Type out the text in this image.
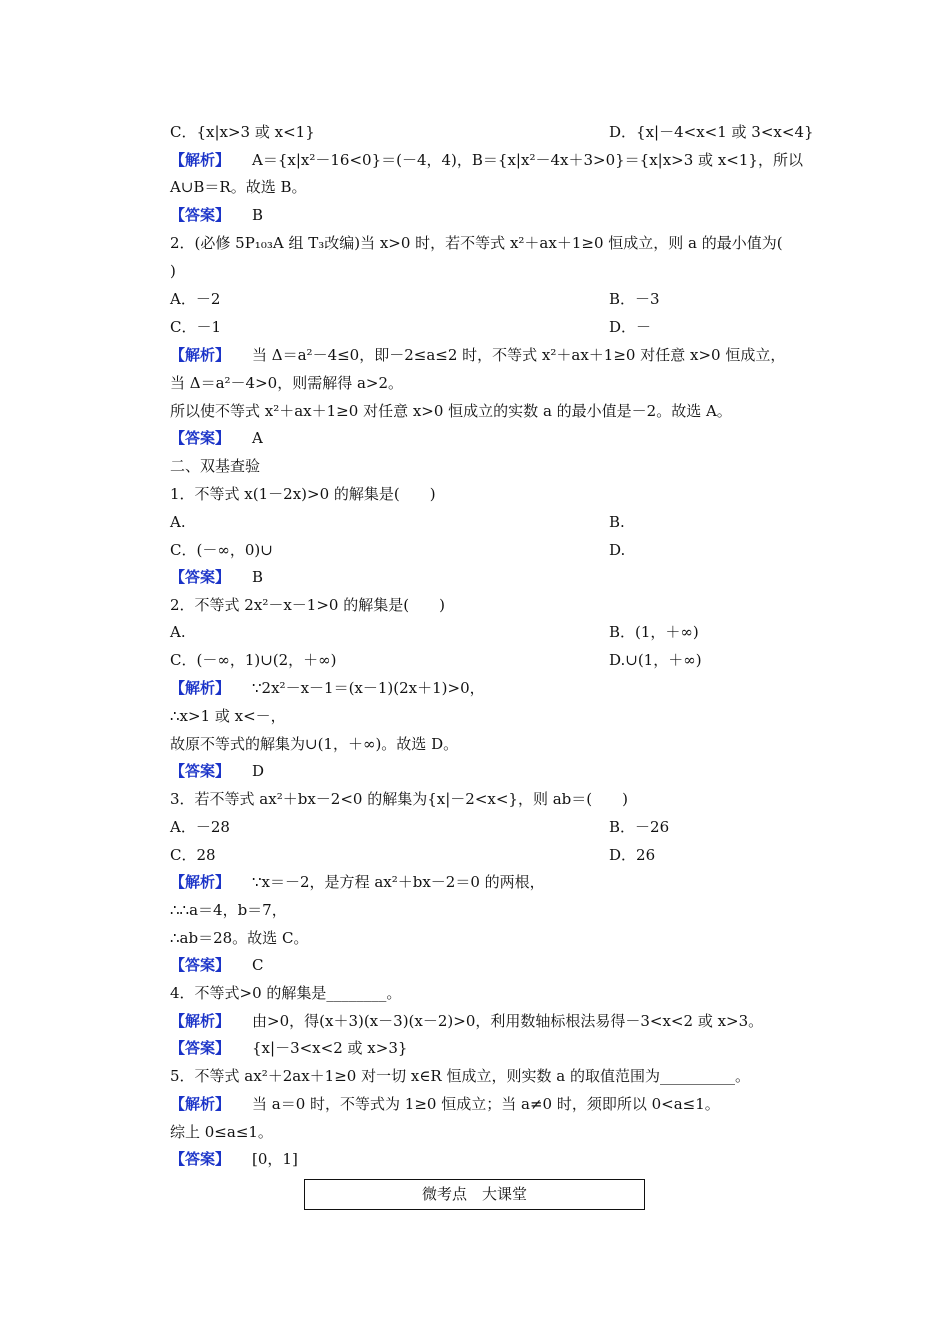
C．{x|x>3 或 x<1}	D．{x|－4<x<1 或 3<x<4}
【解析】 A＝{x|x²－16<0}＝(－4，4)，B＝{x|x²－4x＋3>0}＝{x|x>3 或 x<1}，所以
A∪B＝R。故选 B。
【答案】 B
2．(必修 5P₁₀₃A 组 T₃改编)当 x>0 时，若不等式 x²＋ax＋1≥0 恒成立，则 a 的最小值为(
)
A．－2	B．－3
C．－1	D．－
【解析】 当 Δ＝a²－4≤0，即－2≤a≤2 时，不等式 x²＋ax＋1≥0 对任意 x>0 恒成立，
当 Δ＝a²－4>0，则需解得 a>2。
所以使不等式 x²＋ax＋1≥0 对任意 x>0 恒成立的实数 a 的最小值是－2。故选 A。
【答案】 A
二、双基查验
1．不等式 x(1－2x)>0 的解集是(　　)
A.	B.
C．(－∞，0)∪	D.
【答案】 B
2．不等式 2x²－x－1>0 的解集是(　　)
A.	B．(1，＋∞)
C．(－∞，1)∪(2，＋∞)	D.∪(1，＋∞)
【解析】 ∵2x²－x－1＝(x－1)(2x＋1)>0，
∴x>1 或 x<－，
故原不等式的解集为∪(1，＋∞)。故选 D。
【答案】 D
3．若不等式 ax²＋bx－2<0 的解集为{x|－2<x<}，则 ab＝(　　)
A．－28	B．－26
C．28	D．26
【解析】 ∵x＝－2，是方程 ax²＋bx－2＝0 的两根，
∴∴a＝4，b＝7，
∴ab＝28。故选 C。
【答案】 C
4．不等式>0 的解集是________。
【解析】 由>0，得(x＋3)(x－3)(x－2)>0，利用数轴标根法易得－3<x<2 或 x>3。
【答案】 {x|－3<x<2 或 x>3}
5．不等式 ax²＋2ax＋1≥0 对一切 x∈R 恒成立，则实数 a 的取值范围为__________。
【解析】 当 a＝0 时，不等式为 1≥0 恒成立；当 a≠0 时，须即所以 0<a≤1。
综上 0≤a≤1。
【答案】 [0，1]
微考点　大课堂
